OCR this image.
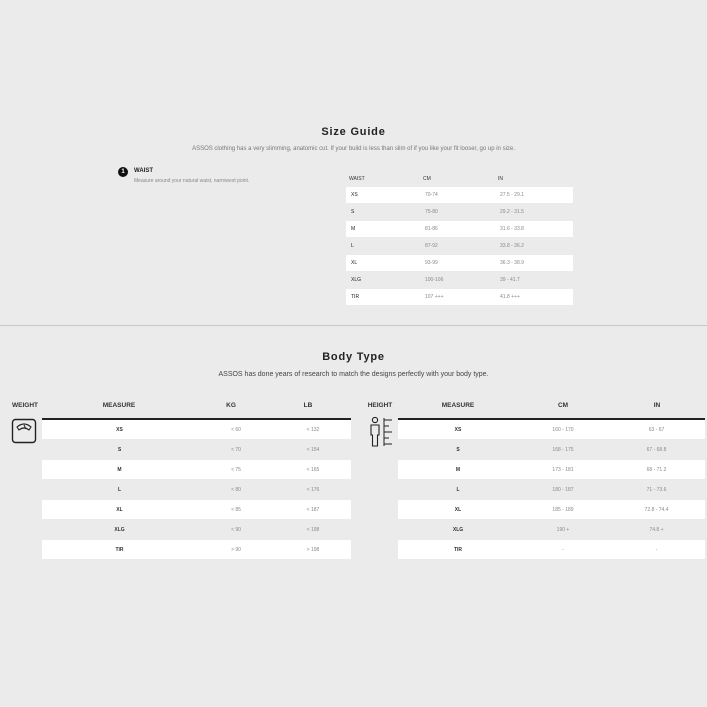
Size Guide
ASSOS clothing has a very slimming, anatomic cut. If your build is less than slim of if you like your fit looser, go up in size.
1	WAIST
Measure around your natural waist, narrowest point.	WAIST	CM	IN
XS	70-74	27.5 - 29.1
S	75-80	29.2 - 31.5
M	81-86	31.6 - 33.8
L	87-92	33.8 - 36.2
XL	93-99	36.3 - 38.9
XLG	100-106	39 - 41.7
TIR	107 +++	41.8 +++
Body Type
ASSOS has done years of research to match the designs perfectly with your body type.
WEIGHT	MEASURE	KG	LB	HEIGHT	MEASURE	CM	IN
XS	< 60	< 132
S	< 70	< 154
M	< 75	< 165
L	< 80	< 176
XL	< 85	< 187
XLG	< 90	< 198
TIR	> 90	> 198
XS	160 - 170	63 - 67
S	168 - 175	67 - 68.8
M	173 - 181	68 - 71.2
L	180 - 187	71 - 73.6
XL	185 - 189	72.8 - 74.4
XLG	190 +	74.8 +
TIR	-	-
